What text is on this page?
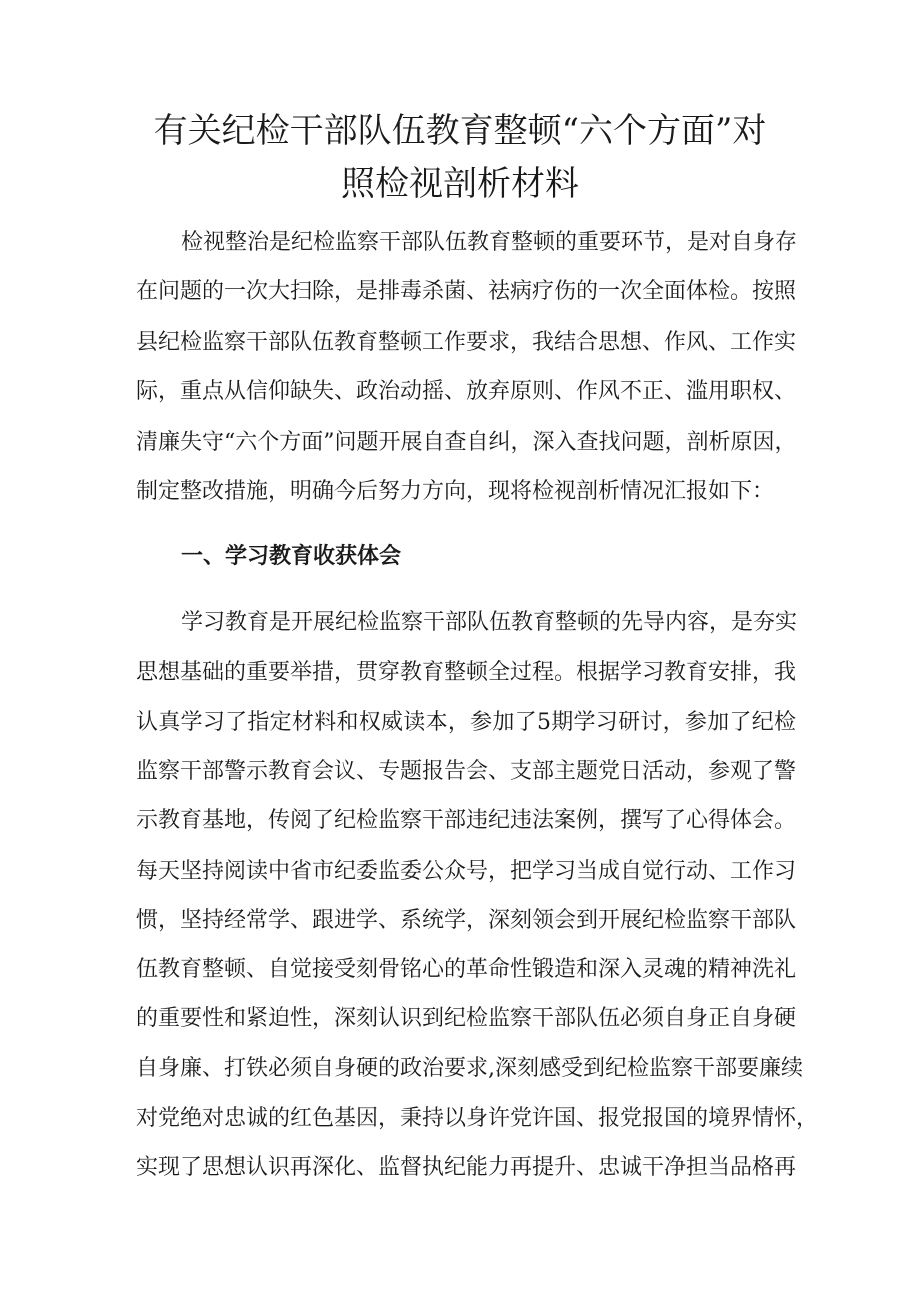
有关纪检干部队伍教育整顿“六个方面”对
照检视剖析材料

检视整治是纪检监察干部队伍教育整顿的重要环节，是对自身存

在问题的一次大扫除，是排毒杀菌、祛病疗伤的一次全面体检。按照

县纪检监察干部队伍教育整顿工作要求，我结合思想、作风、工作实

际，重点从信仰缺失、政治动摇、放弃原则、作风不正、滥用职权、

清廉失守“六个方面”问题开展自查自纠，深入查找问题，剖析原因，

制定整改措施，明确今后努力方向，现将检视剖析情况汇报如下：

一、学习教育收获体会

学习教育是开展纪检监察干部队伍教育整顿的先导内容，是夯实

思想基础的重要举措，贯穿教育整顿全过程。根据学习教育安排，我

认真学习了指定材料和权威读本，参加了5期学习研讨，参加了纪检

监察干部警示教育会议、专题报告会、支部主题党日活动，参观了警

示教育基地，传阅了纪检监察干部违纪违法案例，撰写了心得体会。

每天坚持阅读中省市纪委监委公众号，把学习当成自觉行动、工作习

惯，坚持经常学、跟进学、系统学，深刻领会到开展纪检监察干部队

伍教育整顿、自觉接受刻骨铭心的革命性锻造和深入灵魂的精神洗礼

的重要性和紧迫性，深刻认识到纪检监察干部队伍必须自身正自身硬

自身廉、打铁必须自身硬的政治要求,深刻感受到纪检监察干部要廉续

对党绝对忠诚的红色基因，秉持以身许党许国、报党报国的境界情怀，

实现了思想认识再深化、监督执纪能力再提升、忠诚干净担当品格再
